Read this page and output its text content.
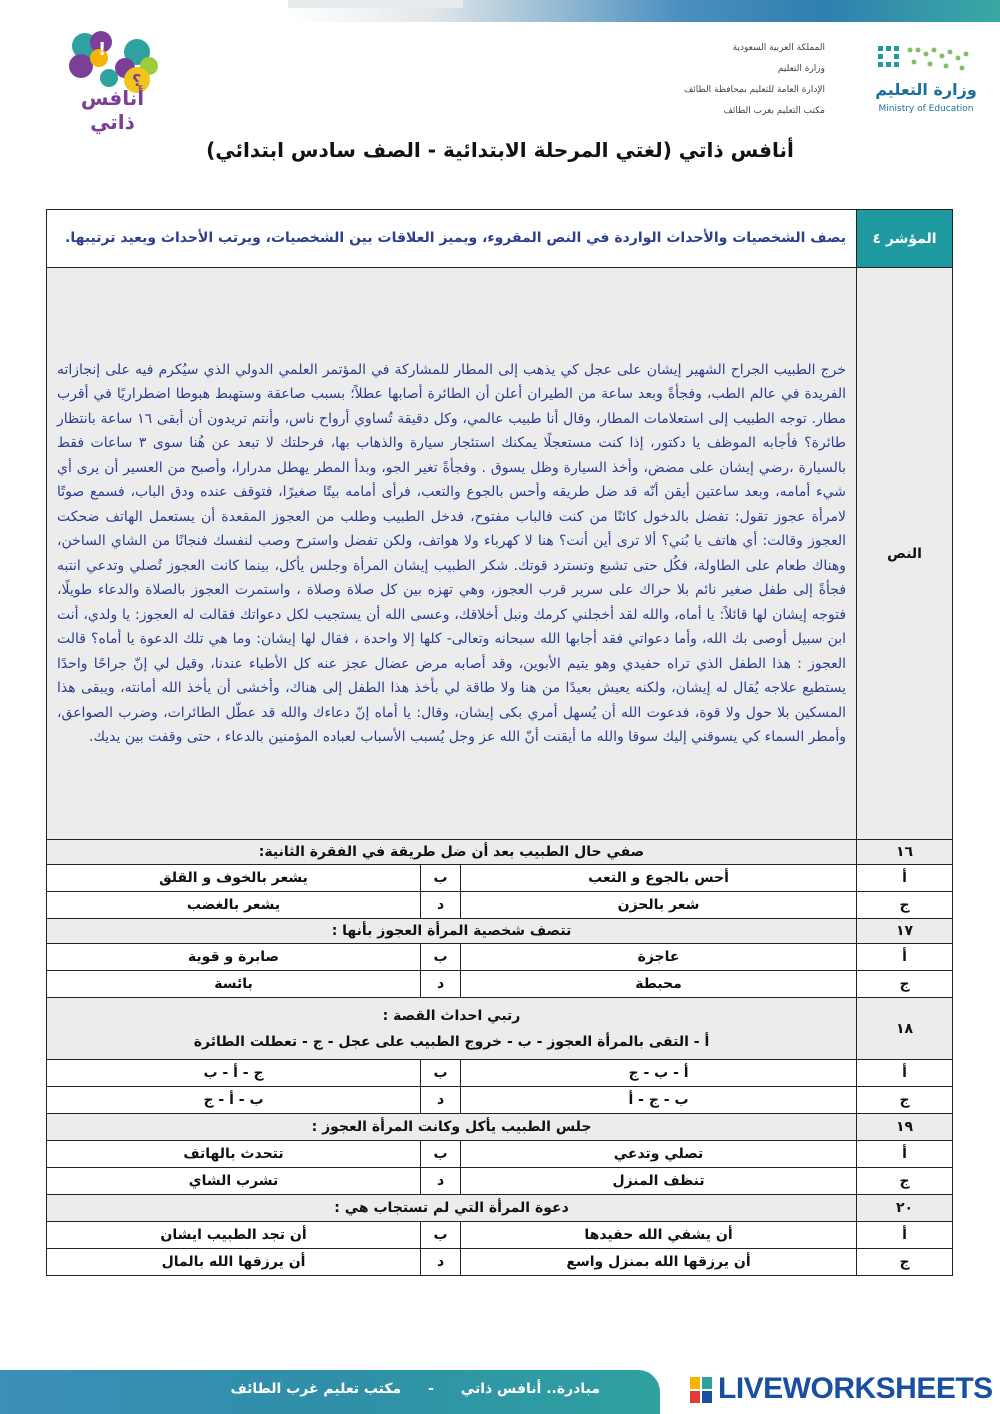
!
؟
أنافس ذاتي
المملكة العربية السعودية
وزارة التعليم
الإدارة العامة للتعليم بمحافظة الطائف
مكتب التعليم بغرب الطائف
وزارة التعليم
Ministry of Education
أنافس ذاتي (لغتي المرحلة الابتدائية - الصف سادس ابتدائي)
المؤشر ٤	يصف الشخصيات والأحداث الواردة في النص المقروء، ويميز العلاقات بين الشخصيات، ويرتب الأحداث ويعيد ترتيبها.		
النص	خرج الطبيب الجراح الشهير إيشان على عجل كي يذهب إلى المطار للمشاركة في المؤتمر العلمي الدولي الذي سيُكرم فيه على إنجازاته الفريدة في عالم الطب، وفجأةً وبعد ساعة من الطيران أعلن أن الطائرة أصابها عطلاً؛ بسبب صاعقة وستهبط هبوطا اضطراريًا في أقرب مطار. توجه الطبيب إلى استعلامات المطار، وقال أنا طبيب عالمي، وكل دقيقة تُساوي أرواح ناس، وأنتم تريدون أن أبقى ١٦ ساعة بانتظار طائرة؟ فأجابه الموظف يا دكتور، إذا كنت مستعجلًا يمكنك استئجار سيارة والذهاب بها، فرحلتك لا تبعد عن هُنا سوى ٣ ساعات فقط بالسيارة ،رضي إيشان على مضض، وأخذ السيارة وظل يسوق . وفجأةً تغير الجو، وبدأ المطر يهطل مدرارا، وأصبح من العسير أن يرى أي شيء أمامه، وبعد ساعتين أيقن أنّه قد ضل طريقه وأحس بالجوع والتعب، فرأى أمامه بيتًا صغيرًا، فتوقف عنده ودق الباب، فسمع صوتًا لامرأة عجوز تقول: تفضل بالدخول كائنًا من كنت فالباب مفتوح، فدخل الطبيب وطلب من العجوز المقعدة أن يستعمل الهاتف ضحكت العجوز وقالت: أي هاتف يا بُني؟ ألا ترى أين أنت؟ هنا لا كهرباء ولا هواتف، ولكن تفضل واسترح وصب لنفسك فنجانًا من الشاي الساخن، وهناك طعام على الطاولة، فكُل حتى تشبع وتسترد قوتك. شكر الطبيب إيشان المرأة وجلس يأكل، بينما كانت العجوز تُصلي وتدعي انتبه فجأةً إلى طفل صغير نائم بلا حراك على سرير قرب العجوز، وهي تهزه بين كل صلاة وصلاة ، واستمرت العجوز بالصلاة والدعاء طويلًا، فتوجه إيشان لها قائلاً: يا أماه، والله لقد أخجلني كرمك ونبل أخلاقك، وعسى الله أن يستجيب لكل دعواتك فقالت له العجوز: يا ولدي، أنت ابن سبيل أوصى بك الله، وأما دعواتي فقد أجابها الله سبحانه وتعالى- كلها إلا واحدة ، فقال لها إيشان: وما هي تلك الدعوة يا أماه؟ قالت العجوز : هذا الطفل الذي تراه حفيدي وهو يتيم الأبوين، وقد أصابه مرض عضال عجز عنه كل الأطباء عندنا، وقيل لي إنّ جراحًا واحدًا يستطيع علاجه يُقال له إيشان، ولكنه يعيش بعيدًا من هنا ولا طاقة لي بأخذ هذا الطفل إلى هناك، وأخشى أن يأخذ الله أمانته، ويبقى هذا المسكين بلا حول ولا قوة، فدعوت الله أن يُسهل أمري بكى إيشان، وقال: يا أماه إنّ دعاءك والله قد عطّل الطائرات، وضرب الصواعق، وأمطر السماء كي يسوقني إليك سوقا والله ما أيقنت أنّ الله عز وجل يُسبب الأسباب لعباده المؤمنين بالدعاء ، حتى وقفت بين يديك.		
١٦	صفي حال الطبيب بعد أن ضل طريقة في الفقرة الثانية:		
أ	أحس بالجوع و التعب	ب	يشعر بالخوف و القلق
ج	شعر بالحزن	د	يشعر بالغضب
١٧	تتصف شخصية المرأة العجوز بأنها :		
أ	عاجزة	ب	صابرة و قوية
ج	محبطة	د	بائسة
١٨	رتبي احداث القصة :
أ - التقى بالمرأة العجوز - ب - خروج الطبيب على عجل - ج - تعطلت الطائرة		

أ	أ - ب - ج	ب	ج - أ - ب
ج	ب - ج - أ	د	ب - أ - ج
١٩	جلس الطبيب يأكل وكانت المرأة العجوز :		
أ	تصلي وتدعي	ب	تتحدث بالهاتف
ج	تنظف المنزل	د	تشرب الشاي
٢٠	دعوة المرأة التي لم تستجاب هي :		
أ	أن يشفي الله حفيدها	ب	أن تجد الطبيب ايشان
ج	أن يرزقها الله بمنزل واسع	د	أن يرزقها الله بالمال
مبادرة.. أنافس ذاتي - مكتب تعليم غرب الطائف	LIVEWORKSHEETS
